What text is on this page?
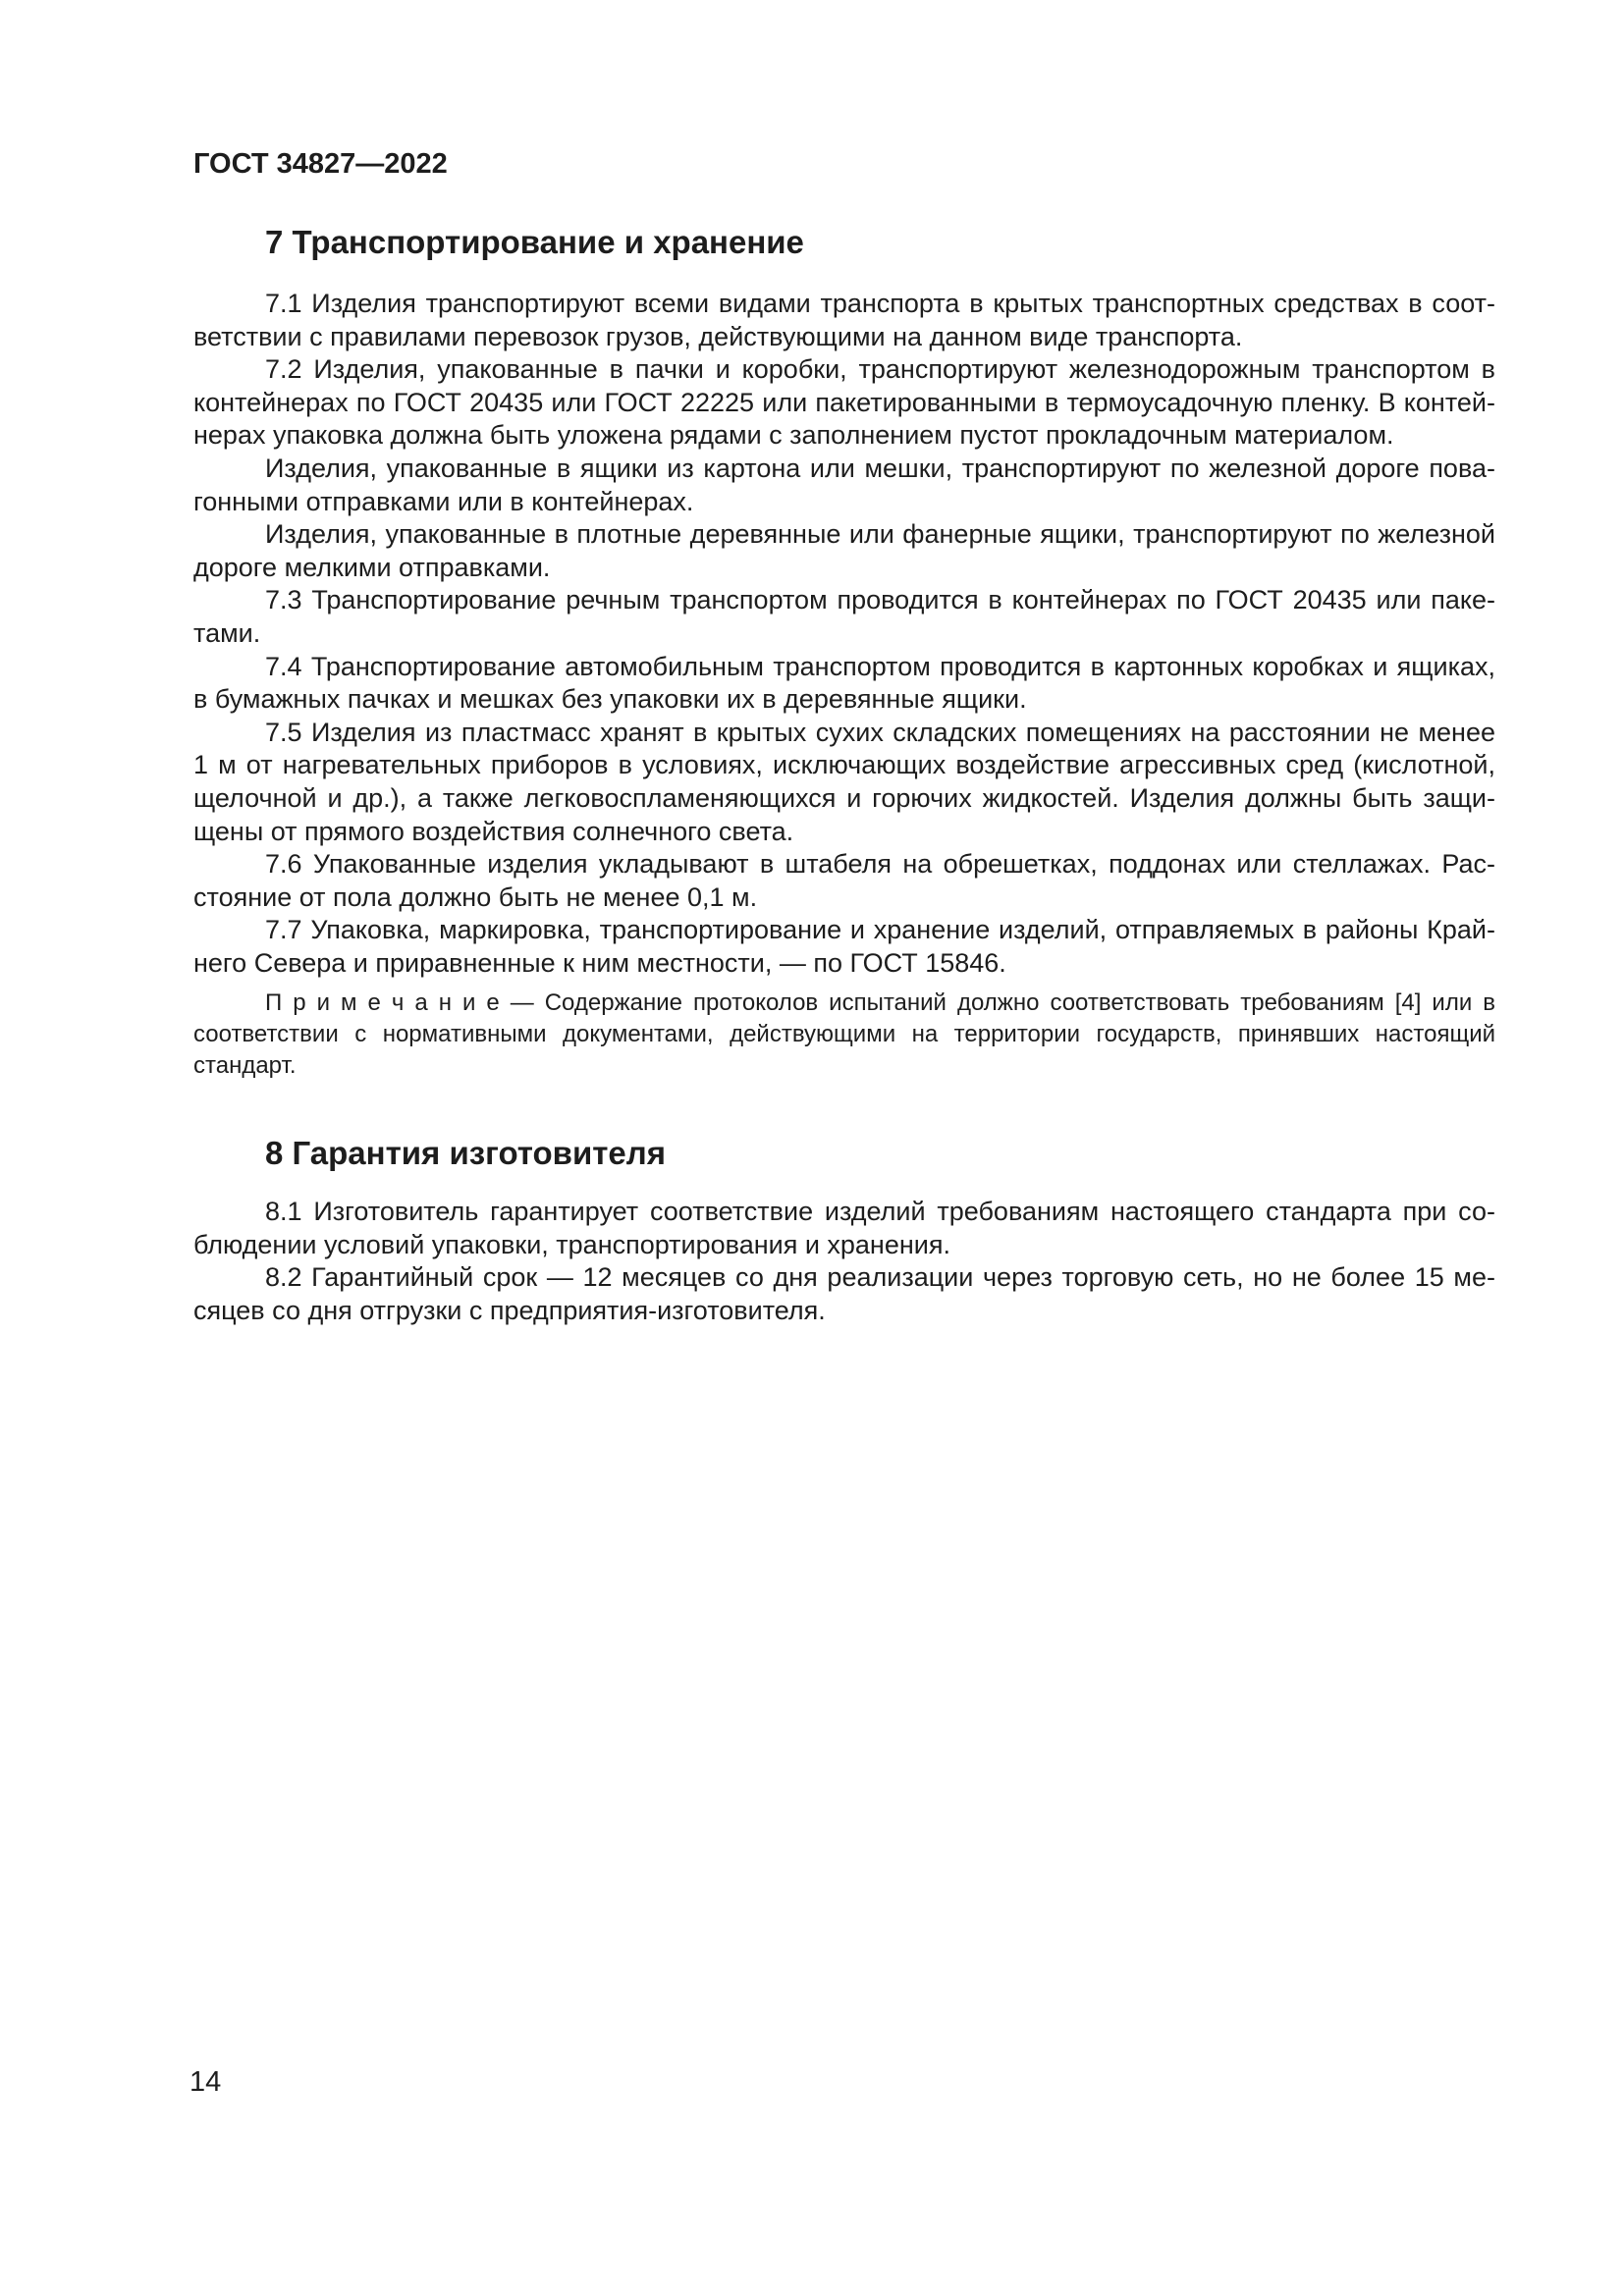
ГОСТ 34827—2022
7 Транспортирование и хранение
7.1 Изделия транспортируют всеми видами транспорта в крытых транспортных средствах в соот-
ветствии с правилами перевозок грузов, действующими на данном виде транспорта.
7.2 Изделия, упакованные в пачки и коробки, транспортируют железнодорожным транспортом в
контейнерах по ГОСТ 20435 или ГОСТ 22225 или пакетированными в термоусадочную пленку. В контей-
нерах упаковка должна быть уложена рядами с заполнением пустот прокладочным материалом.
Изделия, упакованные в ящики из картона или мешки, транспортируют по железной дороге пова-
гонными отправками или в контейнерах.
Изделия, упакованные в плотные деревянные или фанерные ящики, транспортируют по железной
дороге мелкими отправками.
7.3 Транспортирование речным транспортом проводится в контейнерах по ГОСТ 20435 или паке-
тами.
7.4 Транспортирование автомобильным транспортом проводится в картонных коробках и ящиках,
в бумажных пачках и мешках без упаковки их в деревянные ящики.
7.5 Изделия из пластмасс хранят в крытых сухих складских помещениях на расстоянии не менее
1 м от нагревательных приборов в условиях, исключающих воздействие агрессивных сред (кислотной,
щелочной и др.), а также легковоспламеняющихся и горючих жидкостей. Изделия должны быть защи-
щены от прямого воздействия солнечного света.
7.6 Упакованные изделия укладывают в штабеля на обрешетках, поддонах или стеллажах. Рас-
стояние от пола должно быть не менее 0,1 м.
7.7 Упаковка, маркировка, транспортирование и хранение изделий, отправляемых в районы Край-
него Севера и приравненные к ним местности, — по ГОСТ 15846.
П р и м е ч а н и е — Содержание протоколов испытаний должно соответствовать требованиям [4] или в
соответствии с нормативными документами, действующими на территории государств, принявших настоящий
стандарт.
8 Гарантия изготовителя
8.1 Изготовитель гарантирует соответствие изделий требованиям настоящего стандарта при со-
блюдении условий упаковки, транспортирования и хранения.
8.2 Гарантийный срок — 12 месяцев со дня реализации через торговую сеть, но не более 15 ме-
сяцев со дня отгрузки с предприятия-изготовителя.
14
